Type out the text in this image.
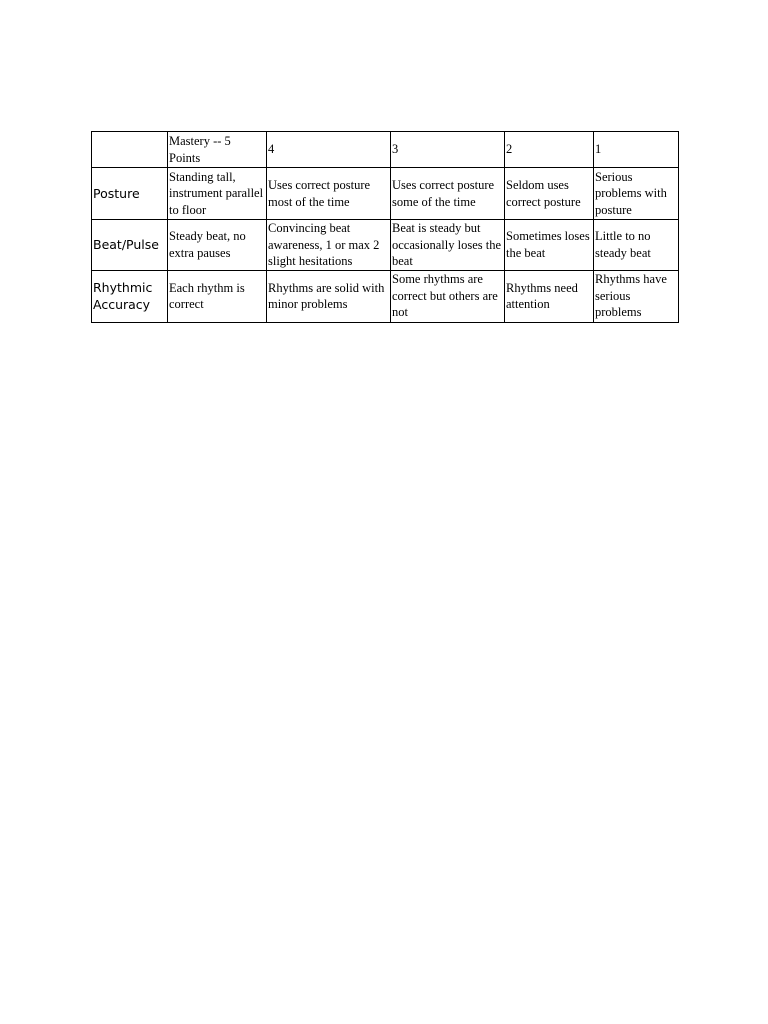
	Mastery -- 5 Points	4	3	2	1
Posture	Standing tall, instrument parallel to floor	Uses correct posture most of the time	Uses correct posture some of the time	Seldom uses correct posture	Serious problems with posture
Beat/Pulse	Steady beat, no extra pauses	Convincing beat awareness, 1 or max 2 slight hesitations	Beat is steady but occasionally loses the beat	Sometimes loses the beat	Little to no steady beat
Rhythmic Accuracy	Each rhythm is correct	Rhythms are solid with minor problems	Some rhythms are correct but others are not	Rhythms need attention	Rhythms have serious problems
